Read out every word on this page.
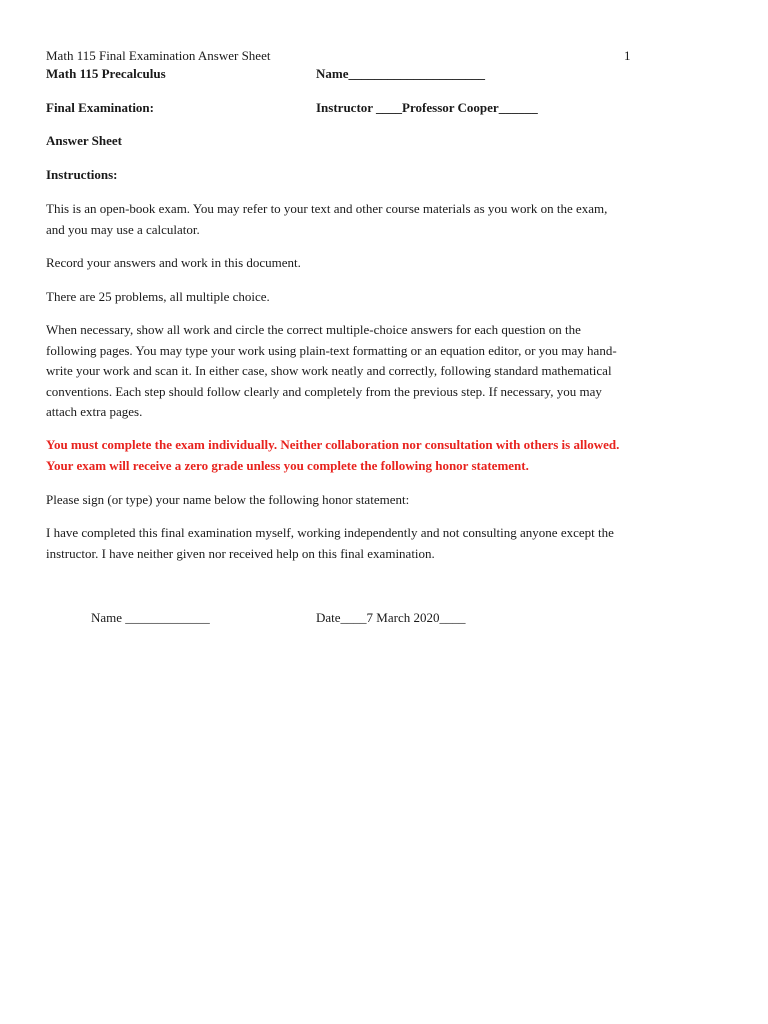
Math 115 Final Examination Answer Sheet	1
Math 115 Precalculus	Name_____________________
Final Examination:	Instructor ____Professor Cooper______
Answer Sheet
Instructions:
This is an open-book exam. You may refer to your text and other course materials as you work on the exam,
and you may use a calculator.
Record your answers and work in this document.
There are 25 problems, all multiple choice.
When necessary, show all work and circle the correct multiple-choice answers for each question on the
following pages. You may type your work using plain-text formatting or an equation editor, or you may hand-
write your work and scan it. In either case, show work neatly and correctly, following standard mathematical
conventions. Each step should follow clearly and completely from the previous step. If necessary, you may
attach extra pages.
You must complete the exam individually. Neither collaboration nor consultation with others is allowed.
Your exam will receive a zero grade unless you complete the following honor statement.
Please sign (or type) your name below the following honor statement:
I have completed this final examination myself, working independently and not consulting anyone except the
instructor. I have neither given nor received help on this final examination.
Name _____________	Date____7 March 2020____
